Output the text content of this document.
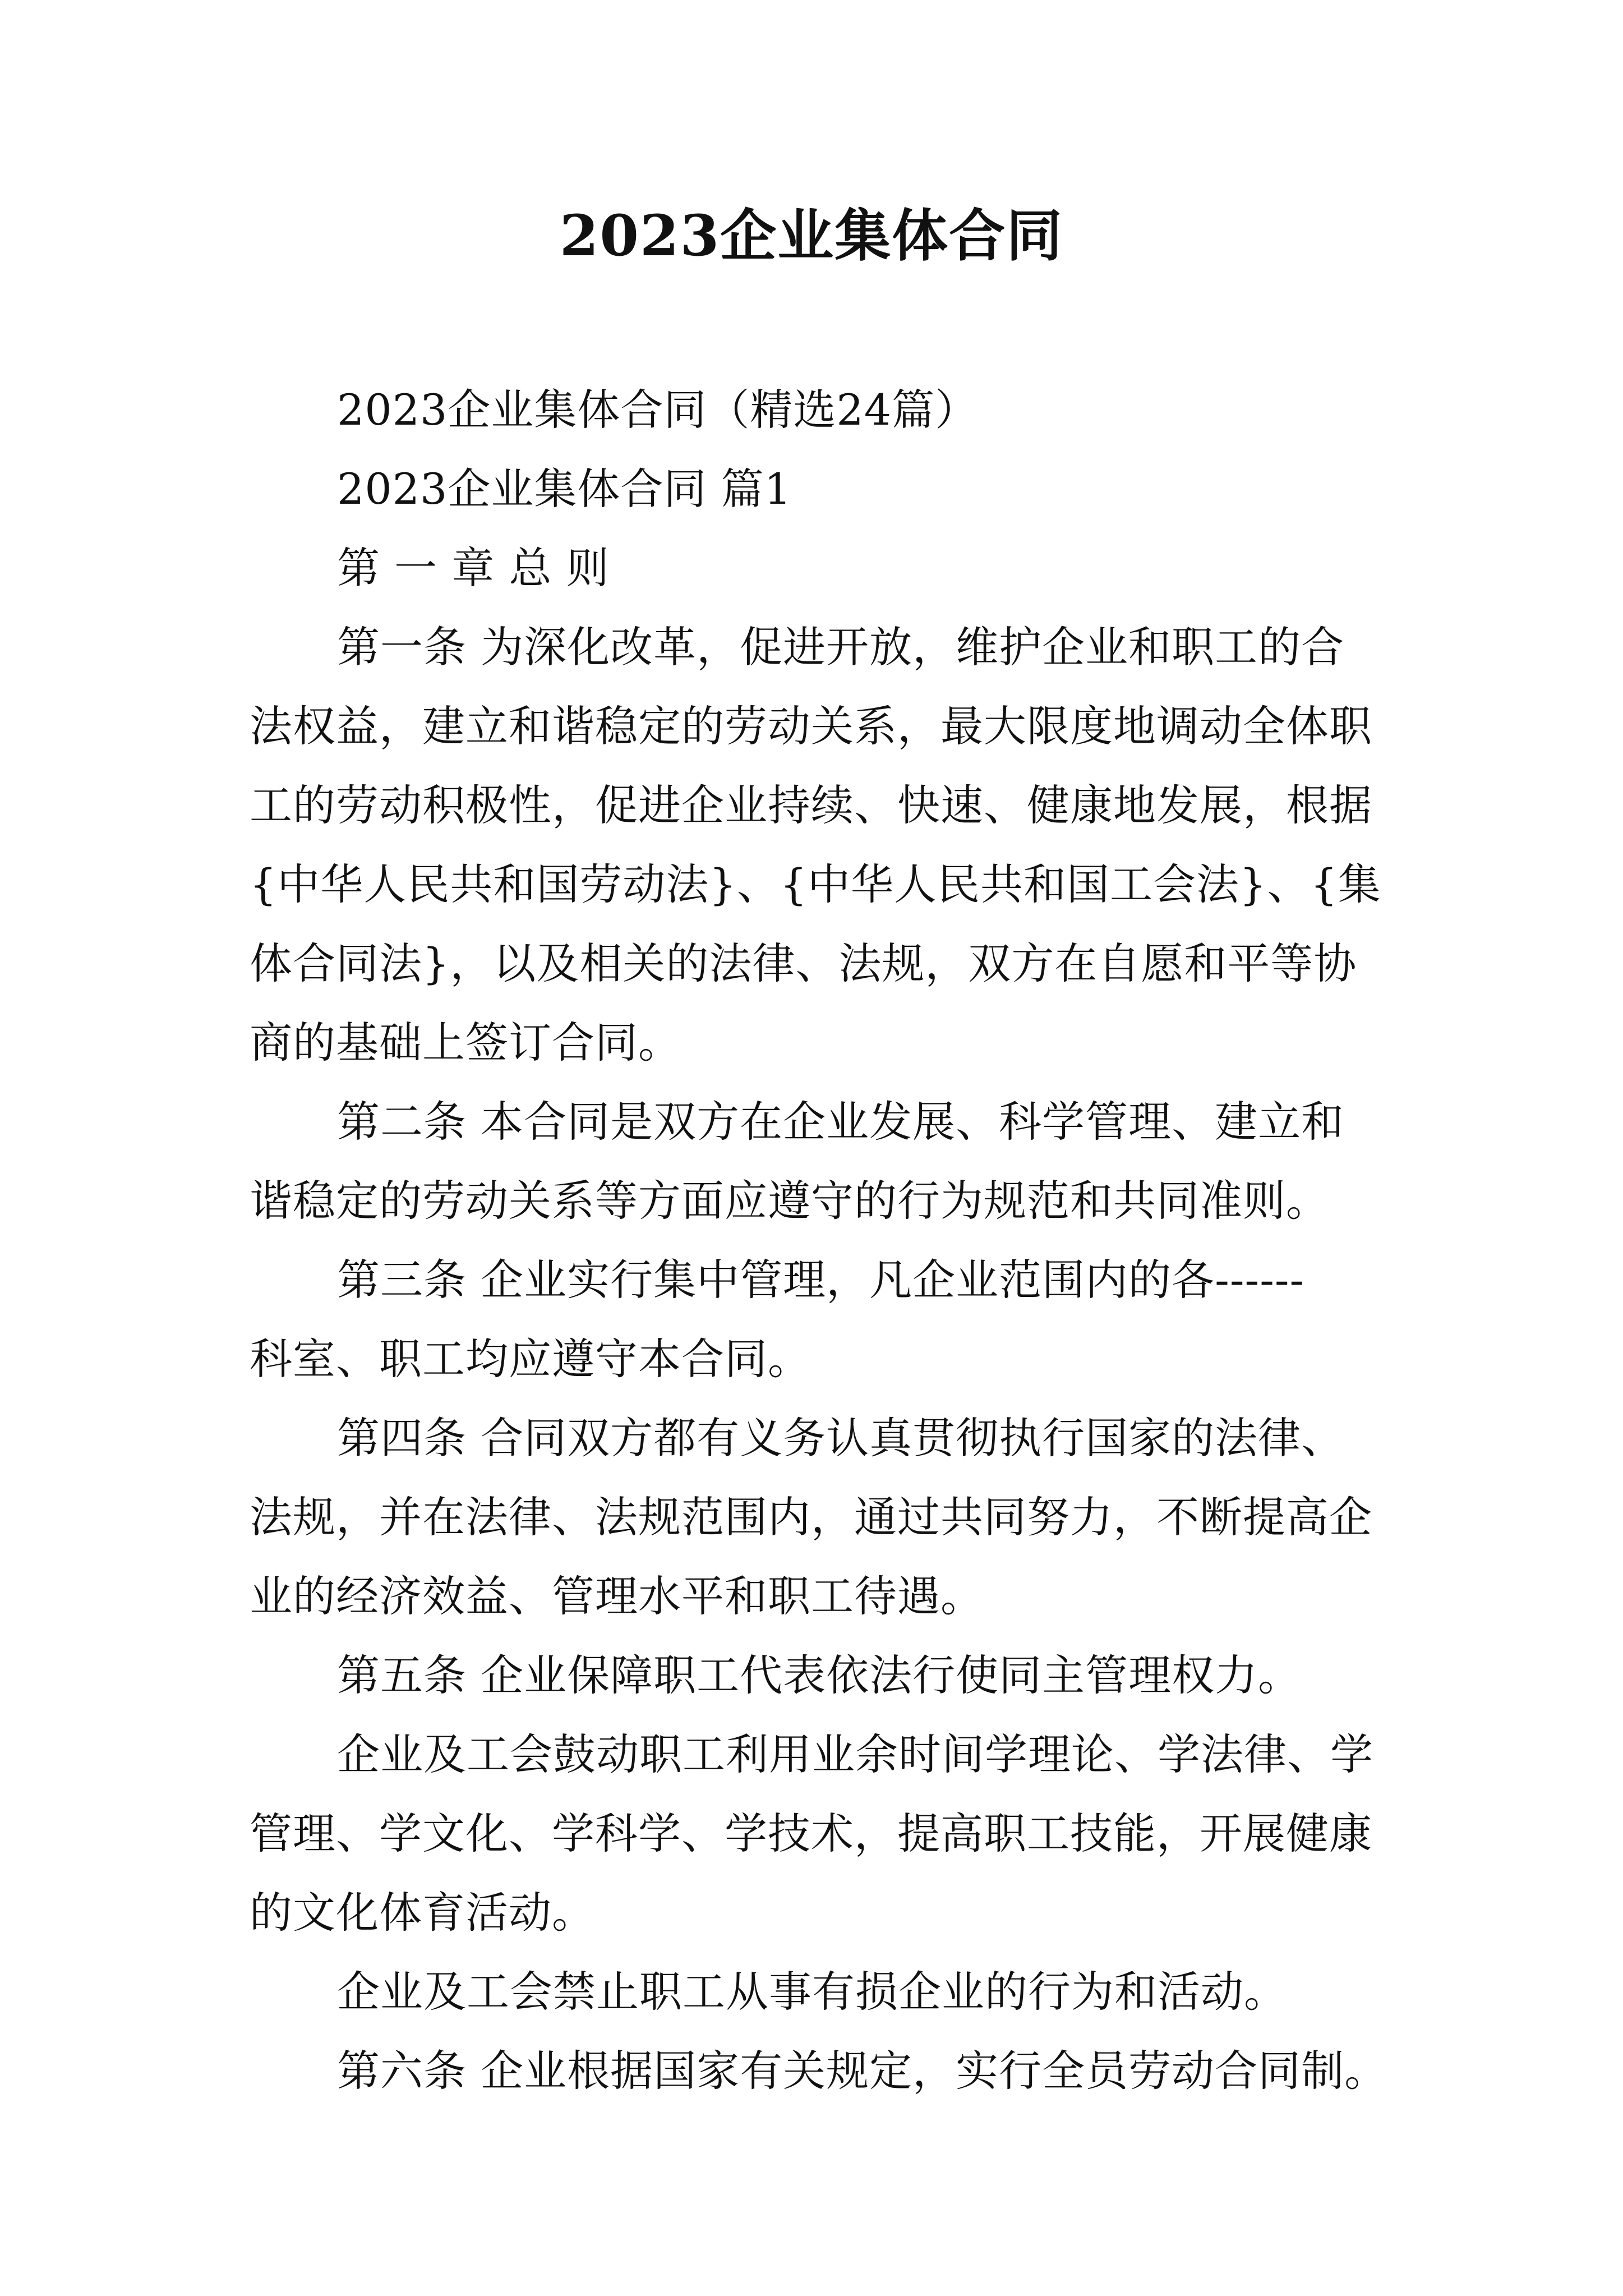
2023企业集体合同

2023企业集体合同（精选24篇）

2023企业集体合同 篇1

第 一 章 总 则

第一条 为深化改革，促进开放，维护企业和职工的合
法权益，建立和谐稳定的劳动关系，最大限度地调动全体职
工的劳动积极性，促进企业持续、快速、健康地发展，根据
{中华人民共和国劳动法}、{中华人民共和国工会法}、{集
体合同法}，以及相关的法律、法规，双方在自愿和平等协
商的基础上签订合同。

第二条 本合同是双方在企业发展、科学管理、建立和
谐稳定的劳动关系等方面应遵守的行为规范和共同准则。

第三条 企业实行集中管理，凡企业范围内的各------
科室、职工均应遵守本合同。

第四条 合同双方都有义务认真贯彻执行国家的法律、
法规，并在法律、法规范围内，通过共同努力，不断提高企
业的经济效益、管理水平和职工待遇。

第五条 企业保障职工代表依法行使同主管理权力。

企业及工会鼓动职工利用业余时间学理论、学法律、学
管理、学文化、学科学、学技术，提高职工技能，开展健康
的文化体育活动。

企业及工会禁止职工从事有损企业的行为和活动。

第六条 企业根据国家有关规定，实行全员劳动合同制。
